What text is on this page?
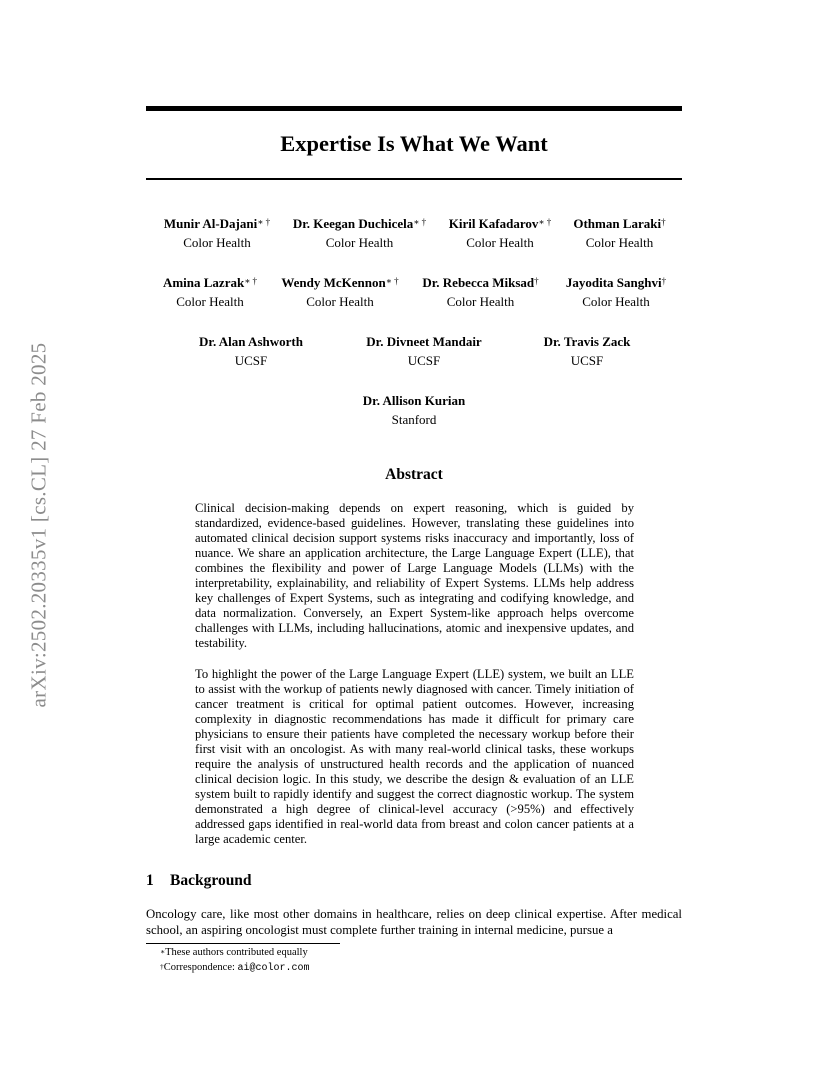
arXiv:2502.20335v1 [cs.CL] 27 Feb 2025
Expertise Is What We Want
Munir Al-Dajani∗ †
Color Health
Dr. Keegan Duchicela∗ †
Color Health
Kiril Kafadarov∗ †
Color Health
Othman Laraki†
Color Health
Amina Lazrak∗ †
Color Health
Wendy McKennon∗ †
Color Health
Dr. Rebecca Miksad†
Color Health
Jayodita Sanghvi†
Color Health
Dr. Alan Ashworth
UCSF
Dr. Divneet Mandair
UCSF
Dr. Travis Zack
UCSF
Dr. Allison Kurian
Stanford
Abstract

Clinical decision-making depends on expert reasoning, which is guided by standardized, evidence-based guidelines. However, translating these guidelines into automated clinical decision support systems risks inaccuracy and importantly, loss of nuance. We share an application architecture, the Large Language Expert (LLE), that combines the flexibility and power of Large Language Models (LLMs) with the interpretability, explainability, and reliability of Expert Systems. LLMs help address key challenges of Expert Systems, such as integrating and codifying knowledge, and data normalization. Conversely, an Expert System-like approach helps overcome challenges with LLMs, including hallucinations, atomic and inexpensive updates, and testability.

To highlight the power of the Large Language Expert (LLE) system, we built an LLE to assist with the workup of patients newly diagnosed with cancer. Timely initiation of cancer treatment is critical for optimal patient outcomes. However, increasing complexity in diagnostic recommendations has made it difficult for primary care physicians to ensure their patients have completed the necessary workup before their first visit with an oncologist. As with many real-world clinical tasks, these workups require the analysis of unstructured health records and the application of nuanced clinical decision logic. In this study, we describe the design & evaluation of an LLE system built to rapidly identify and suggest the correct diagnostic workup. The system demonstrated a high degree of clinical-level accuracy (>95%) and effectively addressed gaps identified in real-world data from breast and colon cancer patients at a large academic center.

1 Background

Oncology care, like most other domains in healthcare, relies on deep clinical expertise. After medical school, an aspiring oncologist must complete further training in internal medicine, pursue a

∗These authors contributed equally
†Correspondence: ai@color.com
